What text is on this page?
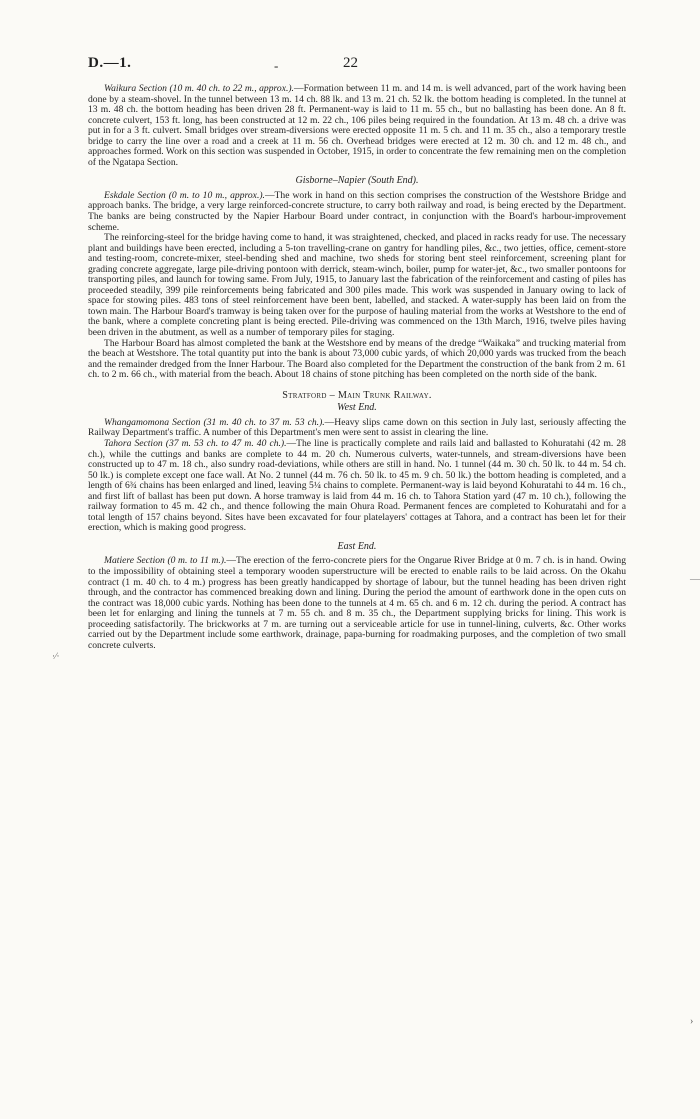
D.—1.	-	22

Waikura Section (10 m. 40 ch. to 22 m., approx.).—Formation between 11 m. and 14 m. is well advanced, part of the work having been done by a steam-shovel. In the tunnel between 13 m. 14 ch. 88 lk. and 13 m. 21 ch. 52 lk. the bottom heading is completed. In the tunnel at 13 m. 48 ch. the bottom heading has been driven 28 ft. Permanent-way is laid to 11 m. 55 ch., but no ballasting has been done. An 8 ft. concrete culvert, 153 ft. long, has been constructed at 12 m. 22 ch., 106 piles being required in the foundation. At 13 m. 48 ch. a drive was put in for a 3 ft. culvert. Small bridges over stream-diversions were erected opposite 11 m. 5 ch. and 11 m. 35 ch., also a temporary trestle bridge to carry the line over a road and a creek at 11 m. 56 ch. Overhead bridges were erected at 12 m. 30 ch. and 12 m. 48 ch., and approaches formed. Work on this section was suspended in October, 1915, in order to concentrate the few remaining men on the completion of the Ngatapa Section.

Gisborne–Napier (South End).

Eskdale Section (0 m. to 10 m., approx.).—The work in hand on this section comprises the construction of the Westshore Bridge and approach banks. The bridge, a very large reinforced-concrete structure, to carry both railway and road, is being erected by the Department. The banks are being constructed by the Napier Harbour Board under contract, in conjunction with the Board's harbour-improvement scheme.

The reinforcing-steel for the bridge having come to hand, it was straightened, checked, and placed in racks ready for use. The necessary plant and buildings have been erected, including a 5-ton travelling-crane on gantry for handling piles, &c., two jetties, office, cement-store and testing-room, concrete-mixer, steel-bending shed and machine, two sheds for storing bent steel reinforcement, screening plant for grading concrete aggregate, large pile-driving pontoon with derrick, steam-winch, boiler, pump for water-jet, &c., two smaller pontoons for transporting piles, and launch for towing same. From July, 1915, to January last the fabrication of the reinforcement and casting of piles has proceeded steadily, 399 pile reinforcements being fabricated and 300 piles made. This work was suspended in January owing to lack of space for stowing piles. 483 tons of steel reinforcement have been bent, labelled, and stacked. A water-supply has been laid on from the town main. The Harbour Board's tramway is being taken over for the purpose of hauling material from the works at Westshore to the end of the bank, where a complete concreting plant is being erected. Pile-driving was commenced on the 13th March, 1916, twelve piles having been driven in the abutment, as well as a number of temporary piles for staging.

The Harbour Board has almost completed the bank at the Westshore end by means of the dredge “Waikaka” and trucking material from the beach at Westshore. The total quantity put into the bank is about 73,000 cubic yards, of which 20,000 yards was trucked from the beach and the remainder dredged from the Inner Harbour. The Board also completed for the Department the construction of the bank from 2 m. 61 ch. to 2 m. 66 ch., with material from the beach. About 18 chains of stone pitching has been completed on the north side of the bank.

Stratford – Main Trunk Railway.
West End.

Whangamomona Section (31 m. 40 ch. to 37 m. 53 ch.).—Heavy slips came down on this section in July last, seriously affecting the Railway Department's traffic. A number of this Department's men were sent to assist in clearing the line.

Tahora Section (37 m. 53 ch. to 47 m. 40 ch.).—The line is practically complete and rails laid and ballasted to Kohuratahi (42 m. 28 ch.), while the cuttings and banks are complete to 44 m. 20 ch. Numerous culverts, water-tunnels, and stream-diversions have been constructed up to 47 m. 18 ch., also sundry road-deviations, while others are still in hand. No. 1 tunnel (44 m. 30 ch. 50 lk. to 44 m. 54 ch. 50 lk.) is complete except one face wall. At No. 2 tunnel (44 m. 76 ch. 50 lk. to 45 m. 9 ch. 50 lk.) the bottom heading is completed, and a length of 6¾ chains has been enlarged and lined, leaving 5¼ chains to complete. Permanent-way is laid beyond Kohuratahi to 44 m. 16 ch., and first lift of ballast has been put down. A horse tramway is laid from 44 m. 16 ch. to Tahora Station yard (47 m. 10 ch.), following the railway formation to 45 m. 42 ch., and thence following the main Ohura Road. Permanent fences are completed to Kohuratahi and for a total length of 157 chains beyond. Sites have been excavated for four platelayers' cottages at Tahora, and a contract has been let for their erection, which is making good progress.

East End.

Matiere Section (0 m. to 11 m.).—The erection of the ferro-concrete piers for the Ongarue River Bridge at 0 m. 7 ch. is in hand. Owing to the impossibility of obtaining steel a temporary wooden superstructure will be erected to enable rails to be laid across. On the Okahu contract (1 m. 40 ch. to 4 m.) progress has been greatly handicapped by shortage of labour, but the tunnel heading has been driven right through, and the contractor has commenced breaking down and lining. During the period the amount of earthwork done in the open cuts on the contract was 18,000 cubic yards. Nothing has been done to the tunnels at 4 m. 65 ch. and 6 m. 12 ch. during the period. A contract has been let for enlarging and lining the tunnels at 7 m. 55 ch. and 8 m. 35 ch., the Department supplying bricks for lining. This work is proceeding satisfactorily. The brickworks at 7 m. are turning out a serviceable article for use in tunnel-lining, culverts, &c. Other works carried out by the Department include some earthwork, drainage, papa-burning for roadmaking purposes, and the completion of two small concrete culverts.

·⁄·
—
›
